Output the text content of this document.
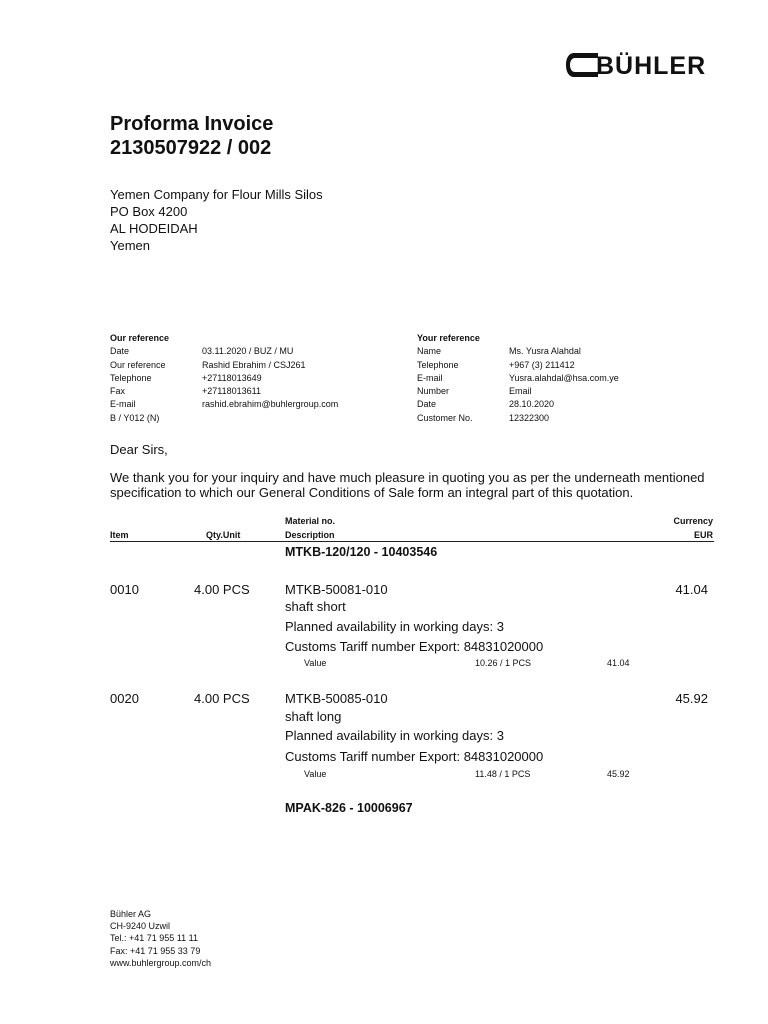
BÜHLER
Proforma Invoice
2130507922 / 002
Yemen Company for Flour Mills Silos
PO Box 4200
AL HODEIDAH
Yemen
Our reference
Date	03.11.2020 / BUZ / MU
Our reference	Rashid Ebrahim / CSJ261
Telephone	+27118013649
Fax	+27118013611
E-mail	rashid.ebrahim@buhlergroup.com
B / Y012 (N)
Your reference
Name	Ms. Yusra Alahdal
Telephone	+967 (3) 211412
E-mail	Yusra.alahdal@hsa.com.ye
Number	Email
Date	28.10.2020
Customer No.	12322300
Dear Sirs,
We thank you for your inquiry and have much pleasure in quoting you as per the underneath mentioned specification to which our General Conditions of Sale form an integral part of this quotation.
Material no.	Currency
Item	Qty.Unit	Description	EUR
MTKB-120/120 - 10403546
0010	4.00 PCS	MTKB-50081-010	41.04
shaft short
Planned availability in working days: 3
Customs Tariff number Export: 84831020000
Value	10.26 / 1 PCS	41.04
0020	4.00 PCS	MTKB-50085-010	45.92
shaft long
Planned availability in working days: 3
Customs Tariff number Export: 84831020000
Value	11.48 / 1 PCS	45.92
MPAK-826 - 10006967
Bühler AG
CH-9240 Uzwil
Tel.: +41 71 955 11 11
Fax: +41 71 955 33 79
www.buhlergroup.com/ch
